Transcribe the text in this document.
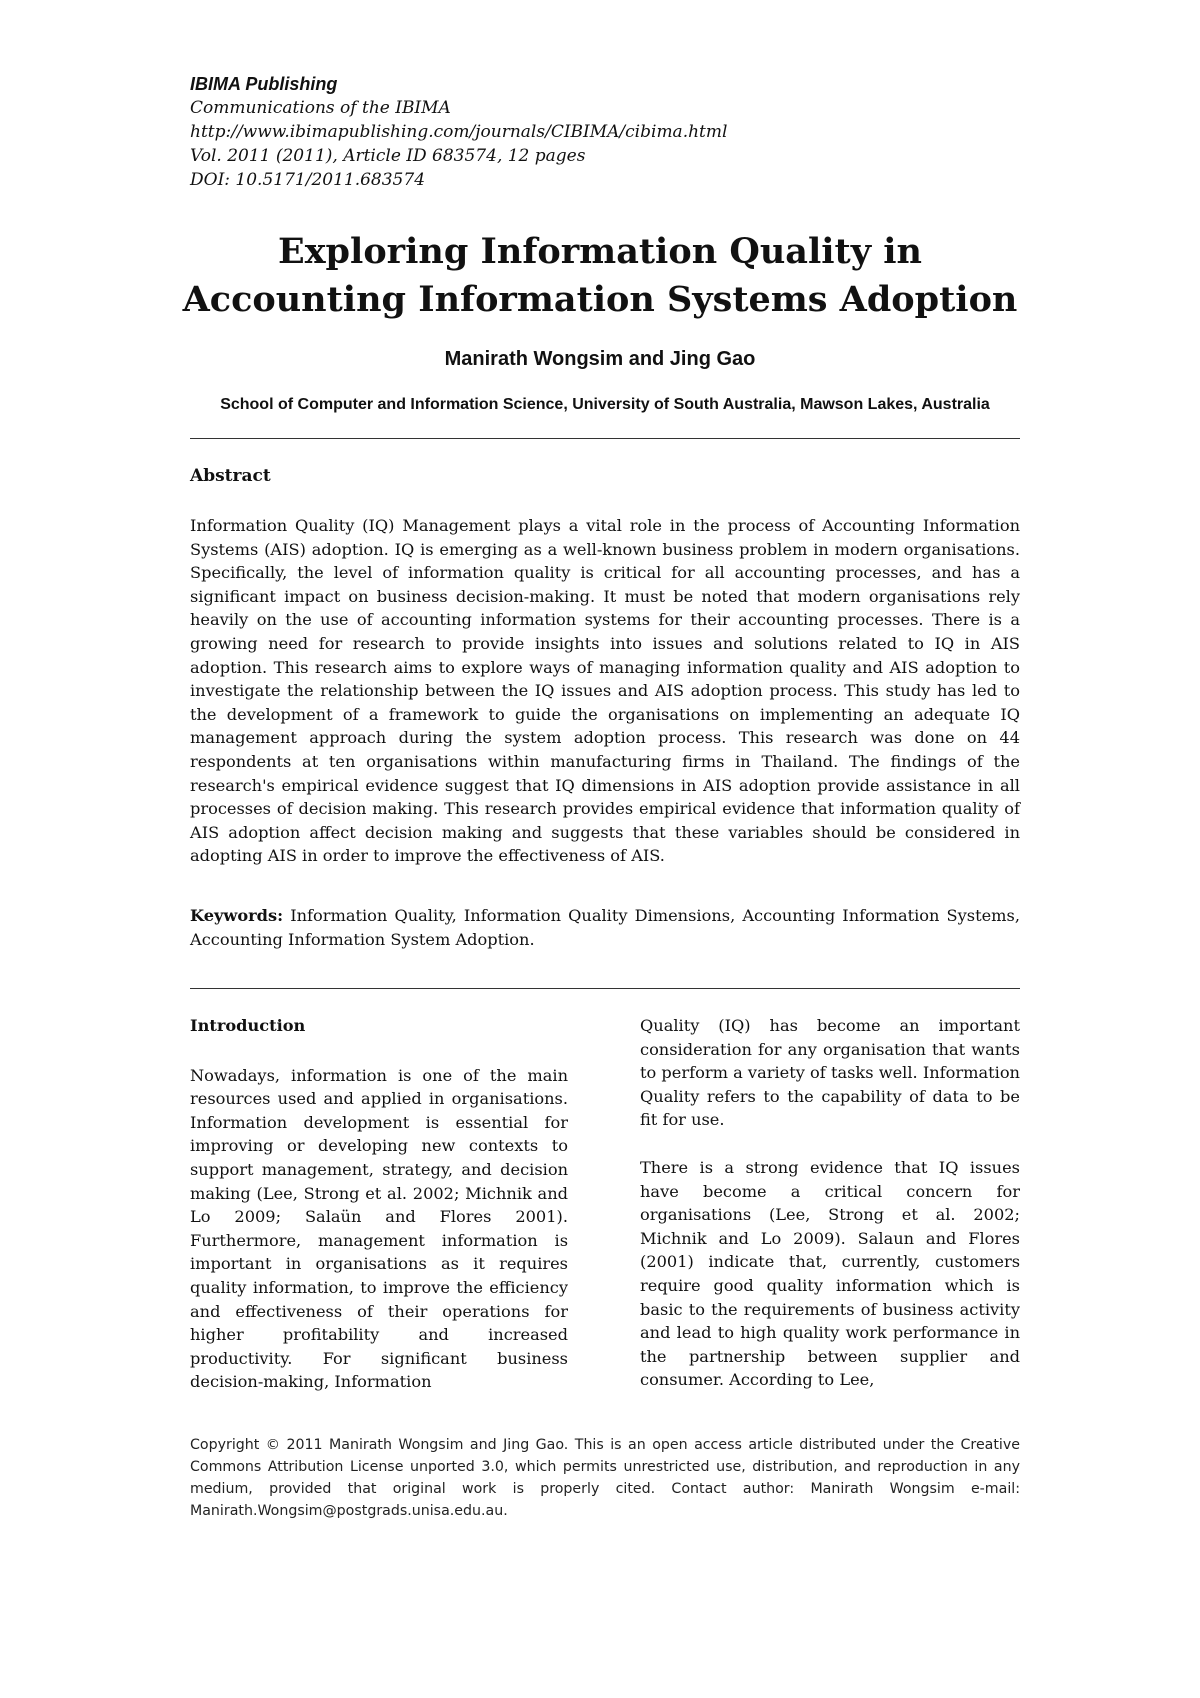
IBIMA Publishing
Communications of the IBIMA
http://www.ibimapublishing.com/journals/CIBIMA/cibima.html
Vol. 2011 (2011), Article ID 683574, 12 pages
DOI: 10.5171/2011.683574
Exploring Information Quality in
Accounting Information Systems Adoption
Manirath Wongsim and Jing Gao
School of Computer and Information Science, University of South Australia, Mawson Lakes, Australia
Abstract
Information Quality (IQ) Management plays a vital role in the process of Accounting Information Systems (AIS) adoption. IQ is emerging as a well-known business problem in modern organisations. Specifically, the level of information quality is critical for all accounting processes, and has a significant impact on business decision-making. It must be noted that modern organisations rely heavily on the use of accounting information systems for their accounting processes. There is a growing need for research to provide insights into issues and solutions related to IQ in AIS adoption. This research aims to explore ways of managing information quality and AIS adoption to investigate the relationship between the IQ issues and AIS adoption process. This study has led to the development of a framework to guide the organisations on implementing an adequate IQ management approach during the system adoption process. This research was done on 44 respondents at ten organisations within manufacturing firms in Thailand. The findings of the research's empirical evidence suggest that IQ dimensions in AIS adoption provide assistance in all processes of decision making. This research provides empirical evidence that information quality of AIS adoption affect decision making and suggests that these variables should be considered in adopting AIS in order to improve the effectiveness of AIS.
Keywords: Information Quality, Information Quality Dimensions, Accounting Information Systems, Accounting Information System Adoption.
Introduction

Nowadays, information is one of the main resources used and applied in organisations. Information development is essential for improving or developing new contexts to support management, strategy, and decision making (Lee, Strong et al. 2002; Michnik and Lo 2009; Salaün and Flores 2001). Furthermore, management information is important in organisations as it requires quality information, to improve the efficiency and effectiveness of their operations for higher profitability and increased productivity. For significant business decision-making, Information

Quality (IQ) has become an important consideration for any organisation that wants to perform a variety of tasks well. Information Quality refers to the capability of data to be fit for use.

There is a strong evidence that IQ issues have become a critical concern for organisations (Lee, Strong et al. 2002; Michnik and Lo 2009). Salaun and Flores (2001) indicate that, currently, customers require good quality information which is basic to the requirements of business activity and lead to high quality work performance in the partnership between supplier and consumer. According to Lee,

Copyright © 2011 Manirath Wongsim and Jing Gao. This is an open access article distributed under the Creative Commons Attribution License unported 3.0, which permits unrestricted use, distribution, and reproduction in any medium, provided that original work is properly cited. Contact author: Manirath Wongsim e-mail: Manirath.Wongsim@postgrads.unisa.edu.au.
